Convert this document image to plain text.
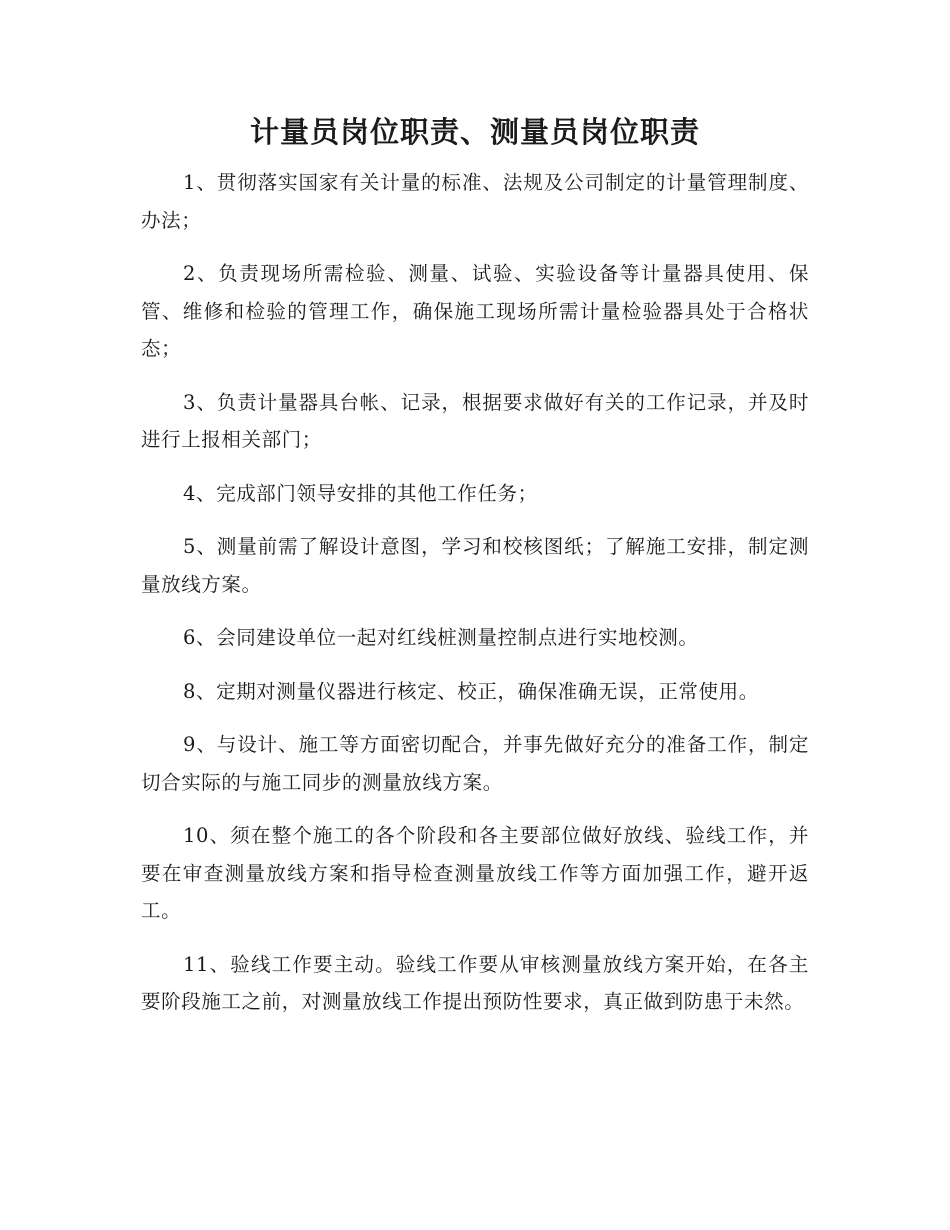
计量员岗位职责、测量员岗位职责

1、贯彻落实国家有关计量的标准、法规及公司制定的计量管理制度、办法；

2、负责现场所需检验、测量、试验、实验设备等计量器具使用、保管、维修和检验的管理工作，确保施工现场所需计量检验器具处于合格状态；

3、负责计量器具台帐、记录，根据要求做好有关的工作记录，并及时进行上报相关部门；

4、完成部门领导安排的其他工作任务；

5、测量前需了解设计意图，学习和校核图纸；了解施工安排，制定测量放线方案。

6、会同建设单位一起对红线桩测量控制点进行实地校测。

8、定期对测量仪器进行核定、校正，确保准确无误，正常使用。

9、与设计、施工等方面密切配合，并事先做好充分的准备工作，制定切合实际的与施工同步的测量放线方案。

10、须在整个施工的各个阶段和各主要部位做好放线、验线工作，并要在审查测量放线方案和指导检查测量放线工作等方面加强工作，避开返工。

11、验线工作要主动。验线工作要从审核测量放线方案开始，在各主要阶段施工之前，对测量放线工作提出预防性要求，真正做到防患于未然。
